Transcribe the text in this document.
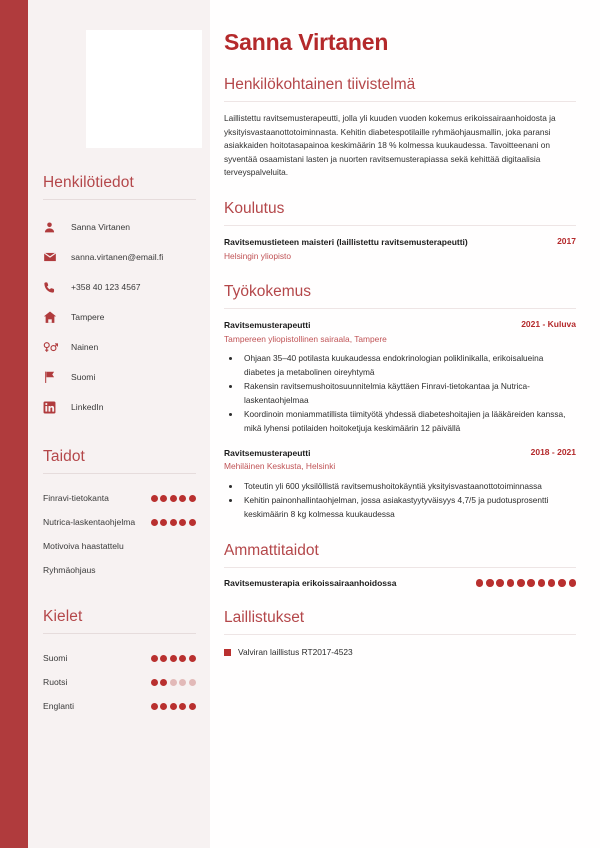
Henkilötiedot
Sanna Virtanen
sanna.virtanen@email.fi
+358 40 123 4567
Tampere
Nainen
Suomi
LinkedIn
Taidot
Finravi-tietokanta
Nutrica-laskentaohjelma
Motivoiva haastattelu
Ryhmäohjaus
Kielet
Suomi
Ruotsi
Englanti
Sanna Virtanen
Henkilökohtainen tiivistelmä

Laillistettu ravitsemusterapeutti, jolla yli kuuden vuoden kokemus erikoissairaanhoidosta ja yksityisvastaanottotoiminnasta. Kehitin diabetespotilaille ryhmäohjausmallin, joka paransi asiakkaiden hoitotasapainoa keskimäärin 18 % kolmessa kuukaudessa. Tavoitteenani on syventää osaamistani lasten ja nuorten ravitsemusterapiassa sekä kehittää digitaalisia terveyspalveluita.

Koulutus
Ravitsemustieteen maisteri (laillistettu ravitsemusterapeutti)	2017
Helsingin yliopisto
Työkokemus
Ravitsemusterapeutti	2021 - Kuluva
Tampereen yliopistollinen sairaala, Tampere
• Ohjaan 35–40 potilasta kuukaudessa endokrinologian poliklinikalla, erikoisalueina diabetes ja metabolinen oireyhtymä
• Rakensin ravitsemushoitosuunnitelmia käyttäen Finravi-tietokantaa ja Nutrica-laskentaohjelmaa
• Koordinoin moniammatillista tiimityötä yhdessä diabeteshoitajien ja lääkäreiden kanssa, mikä lyhensi potilaiden hoitoketjuja keskimäärin 12 päivällä
Ravitsemusterapeutti	2018 - 2021
Mehiläinen Keskusta, Helsinki
• Toteutin yli 600 yksilöllistä ravitsemushoitokäyntiä yksityisvastaanottotoiminnassa
• Kehitin painonhallintaohjelman, jossa asiakastyytyväisyys 4,7/5 ja pudotusprosentti keskimäärin 8 kg kolmessa kuukaudessa
Ammattitaidot
Ravitsemusterapia erikoissairaanhoidossa
Laillistukset
Valviran laillistus RT2017-4523
